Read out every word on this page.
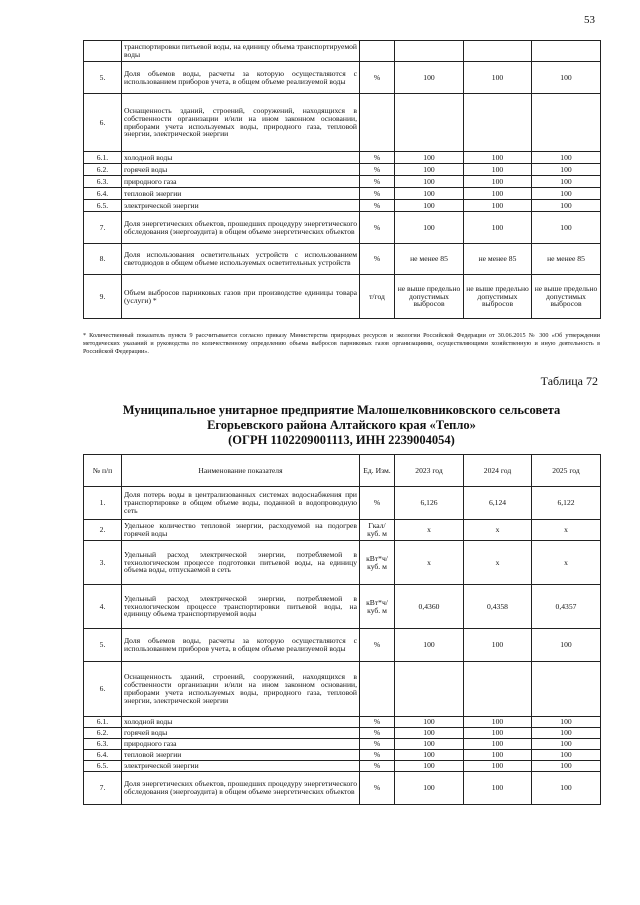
53
	транспортировки питьевой воды, на единицу объема транспортируемой воды				
5.	Доля объемов воды, расчеты за которую осуществляются с использованием приборов учета, в общем объеме реализуемой воды	%	100	100	100
6.	Оснащенность зданий, строений, сооружений, находящихся в собственности организации и/или на ином законном основании, приборами учета используемых воды, природного газа, тепловой энергии, электрической энергии				
6.1.	холодной воды	%	100	100	100
6.2.	горячей воды	%	100	100	100
6.3.	природного газа	%	100	100	100
6.4.	тепловой энергии	%	100	100	100
6.5.	электрической энергии	%	100	100	100
7.	Доля энергетических объектов, прошедших процедуру энергетического обследования (энергоаудита) в общем объеме энергетических объектов	%	100	100	100
8.	Доля использования осветительных устройств с использованием светодиодов в общем объеме используемых осветительных устройств	%	не менее 85	не менее 85	не менее 85
9.	Объем выбросов парниковых газов при производстве единицы товара (услуги) *	т/год	не выше предельно допустимых выбросов	не выше предельно допустимых выбросов	не выше предельно допустимых выбросов
* Количественный показатель пункта 9 рассчитывается согласно приказу Министерства природных ресурсов и экологии Российской Федерации от 30.06.2015 № 300 «Об утверждении методических указаний и руководства по количественному определению объема выбросов парниковых газов организациями, осуществляющими хозяйственную и иную деятельность в Российской Федерации».
Таблица 72
Муниципальное унитарное предприятие Малошелковниковского сельсовета
Егорьевского района Алтайского края «Тепло»
(ОГРН 1102209001113, ИНН 2239004054)
№ п/п	Наименование показателя	Ед. Изм.	2023 год	2024 год	2025 год
1.	Доля потерь воды в централизованных системах водоснабжения при транспортировке в общем объеме воды, поданной в водопроводную сеть	%	6,126	6,124	6,122
2.	Удельное количество тепловой энергии, расходуемой на подогрев горячей воды	Гкал/ куб. м	x	x	x
3.	Удельный расход электрической энергии, потребляемой в технологическом процессе подготовки питьевой воды, на единицу объема воды, отпускаемой в сеть	кВт*ч/ куб. м	x	x	x
4.	Удельный расход электрической энергии, потребляемой в технологическом процессе транспортировки питьевой воды, на единицу объема транспортируемой воды	кВт*ч/ куб. м	0,4360	0,4358	0,4357
5.	Доля объемов воды, расчеты за которую осуществляются с использованием приборов учета, в общем объеме реализуемой воды	%	100	100	100
6.	Оснащенность зданий, строений, сооружений, находящихся в собственности организации и/или на ином законном основании, приборами учета используемых воды, природного газа, тепловой энергии, электрической энергии				
6.1.	холодной воды	%	100	100	100
6.2.	горячей воды	%	100	100	100
6.3.	природного газа	%	100	100	100
6.4.	тепловой энергии	%	100	100	100
6.5.	электрической энергии	%	100	100	100
7.	Доля энергетических объектов, прошедших процедуру энергетического обследования (энергоаудита) в общем объеме энергетических объектов	%	100	100	100
